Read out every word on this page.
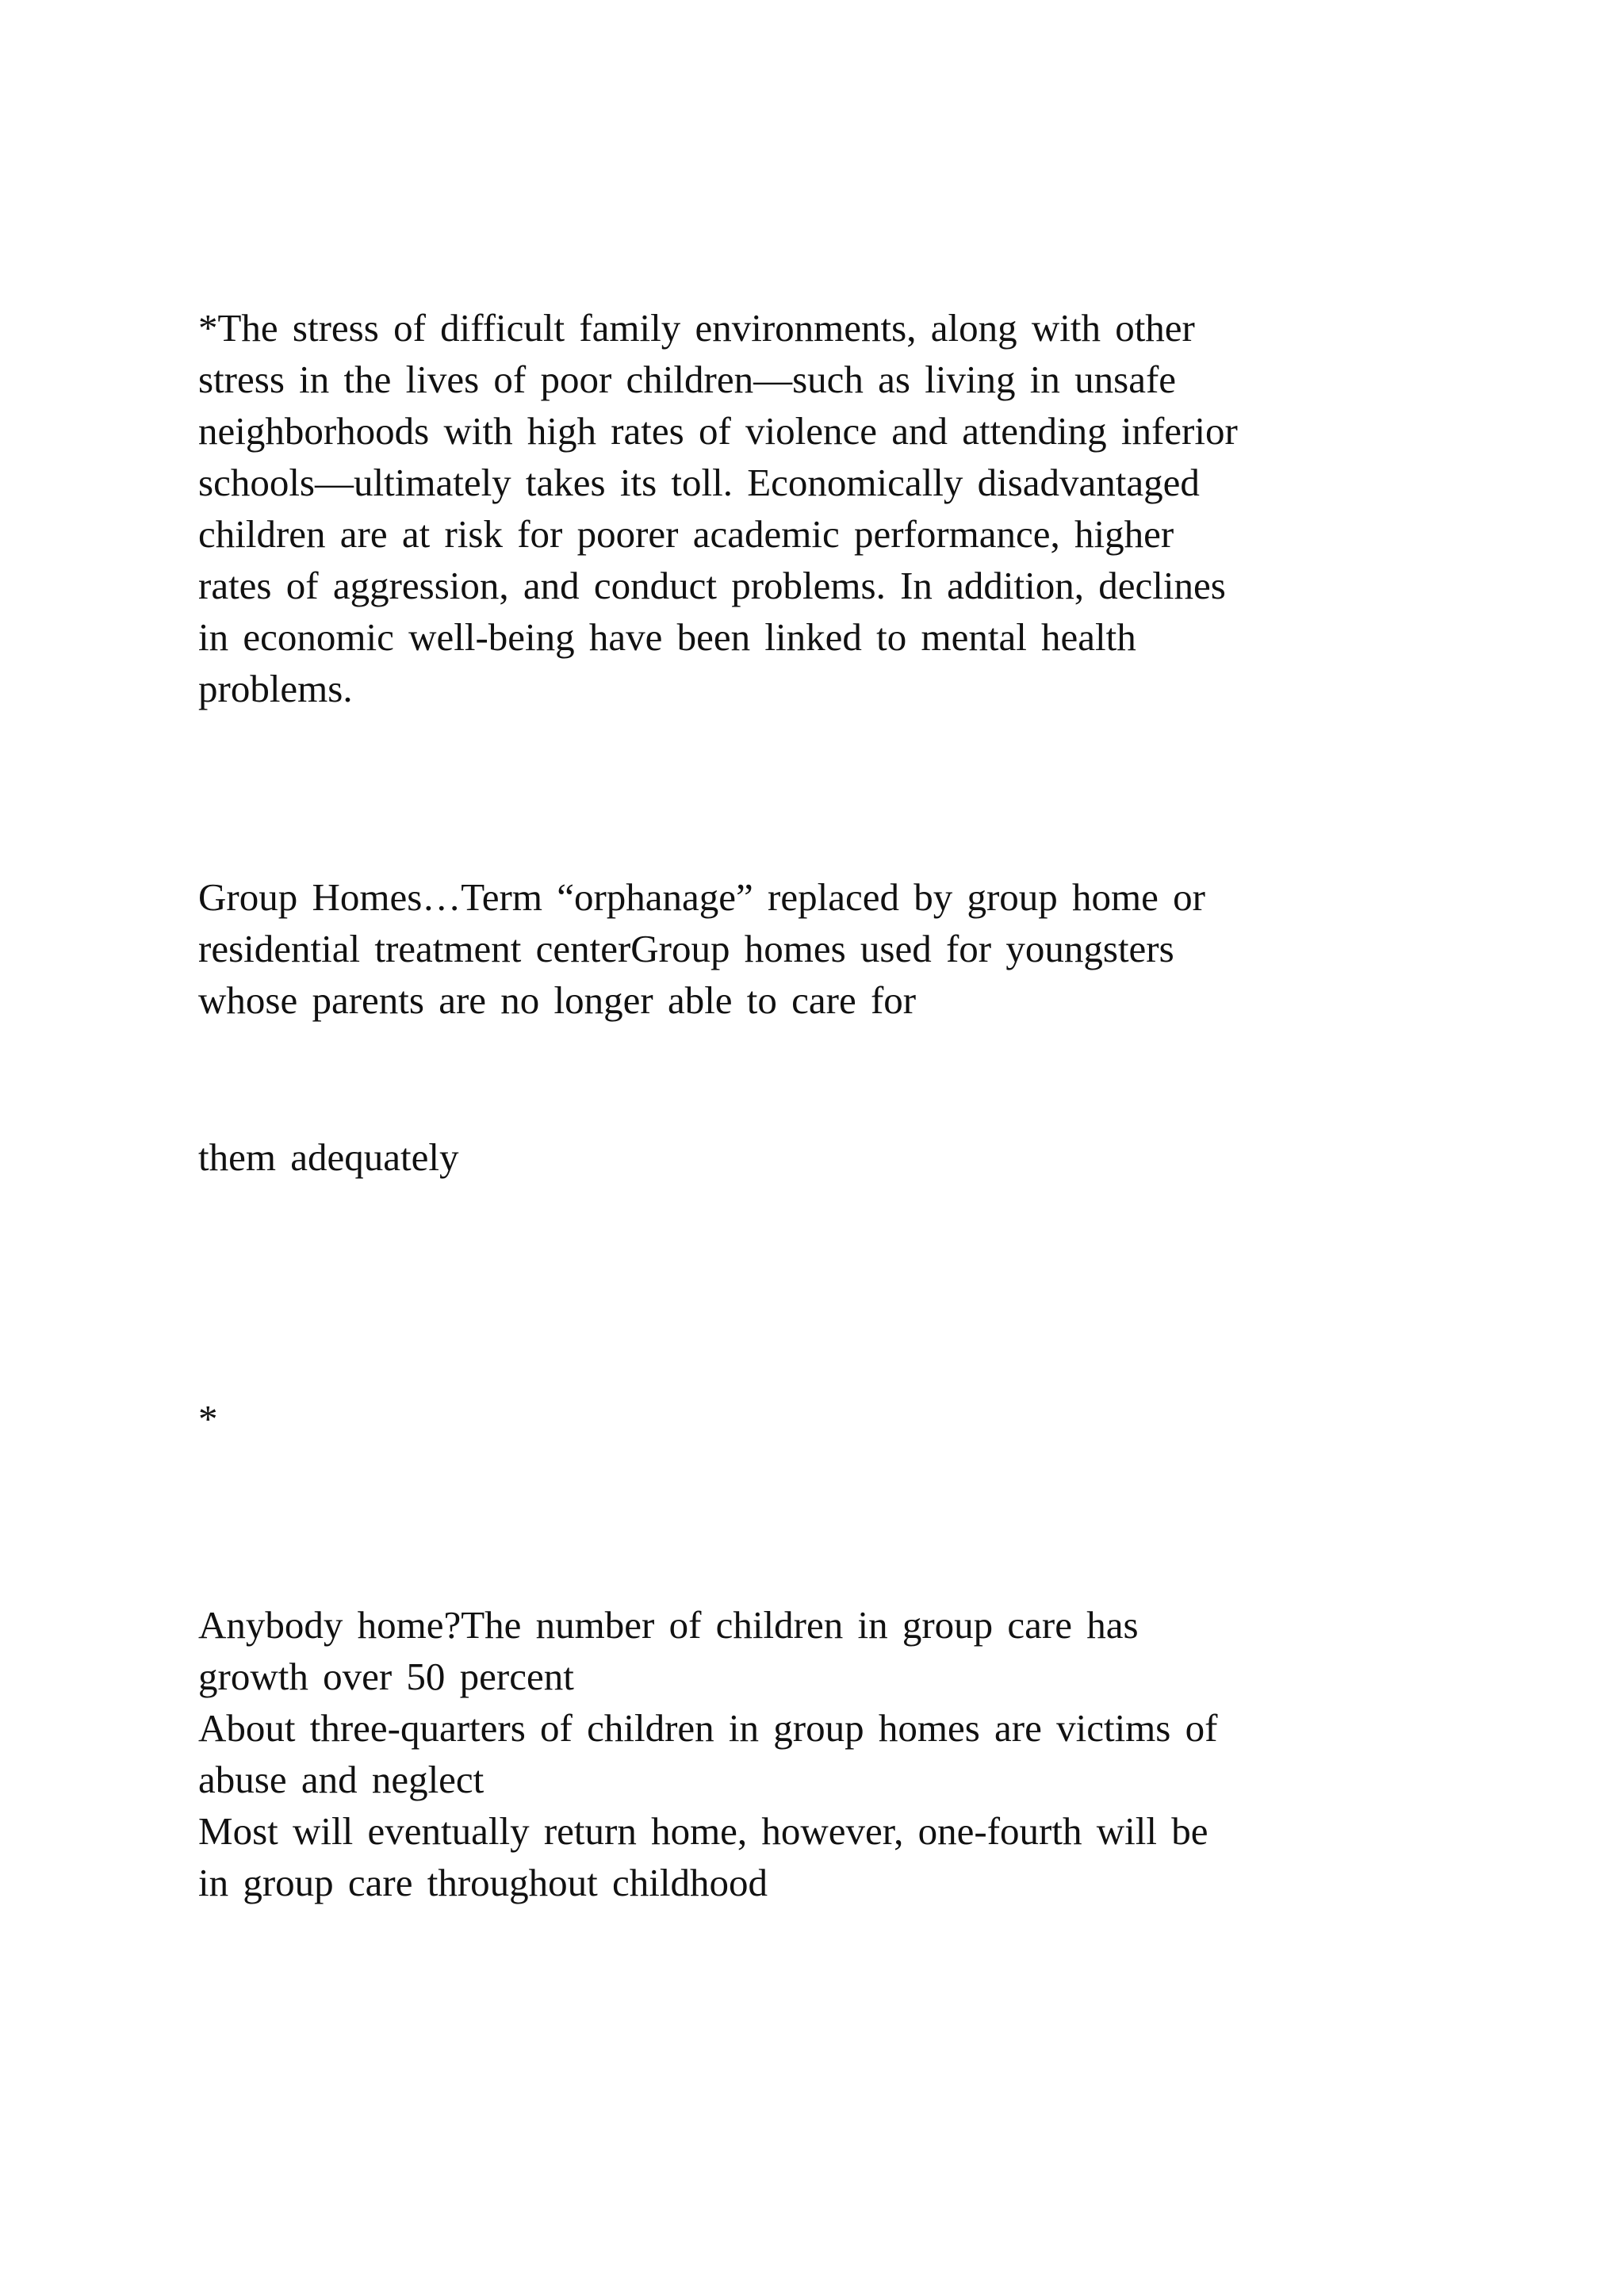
*The stress of difficult family environments, along with other
stress in the lives of poor children—such as living in unsafe
neighborhoods with high rates of violence and attending inferior
schools—ultimately takes its toll. Economically disadvantaged
children are at risk for poorer academic performance, higher
rates of aggression, and conduct problems. In addition, declines
in economic well-being have been linked to mental health
problems.
Group Homes…Term “orphanage” replaced by group home or
residential treatment centerGroup homes used for youngsters
whose parents are no longer able to care for
them adequately
*
Anybody home?The number of children in group care has
growth over 50 percent
About three-quarters of children in group homes are victims of
abuse and neglect
Most will eventually return home, however, one-fourth will be
in group care throughout childhood
